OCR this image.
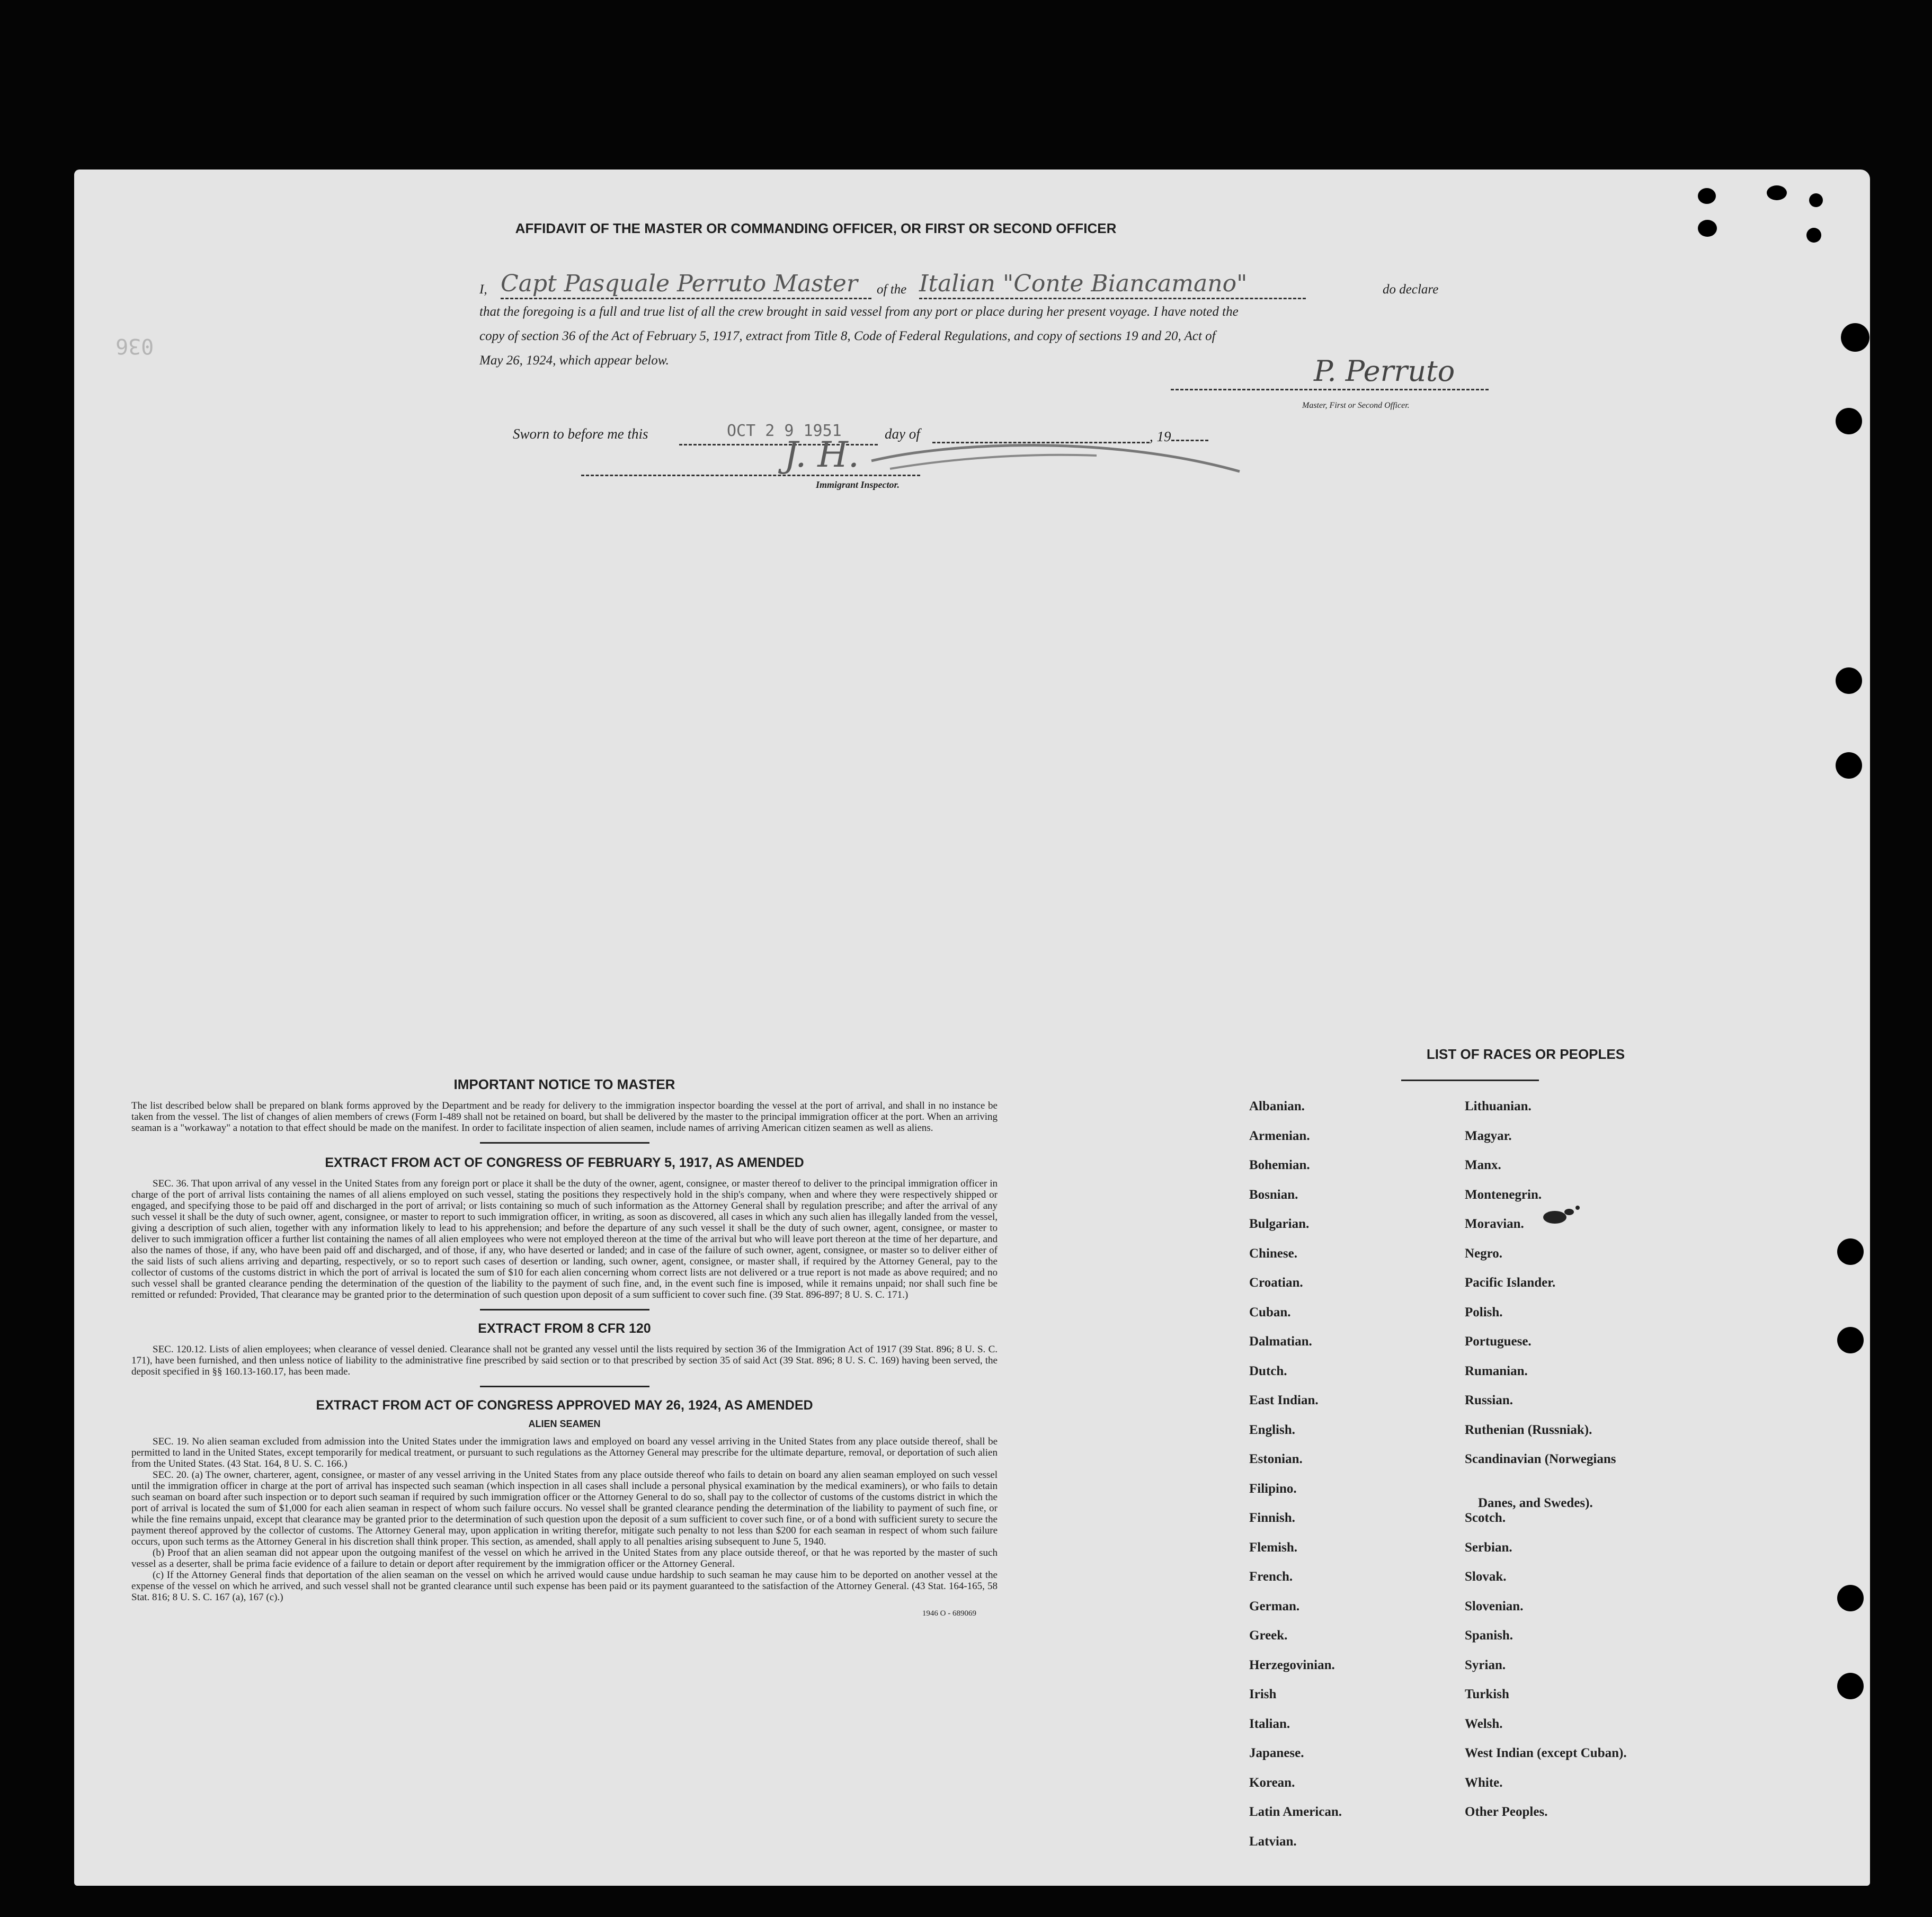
036
AFFIDAVIT OF THE MASTER OR COMMANDING OFFICER, OR FIRST OR SECOND OFFICER
I, Capt Pasquale Perruto Master	of the Italian "Conte Biancamano"	do declare
that the foregoing is a full and true list of all the crew brought in said vessel from any port or place during her present voyage. I have noted the
copy of section 36 of the Act of February 5, 1917, extract from Title 8, Code of Federal Regulations, and copy of sections 19 and 20, Act of
May 26, 1924, which appear below.	P. Perruto
Master, First or Second Officer.
Sworn to before me this	OCT 2 9 1951	day of	, 19
J. H.
Immigrant Inspector.
IMPORTANT NOTICE TO MASTER
The list described below shall be prepared on blank forms approved by the Department and be ready for delivery to the immigration inspector boarding the vessel at the port of arrival, and shall in no instance be taken from the vessel. The list of changes of alien members of crews (Form I-489 shall not be retained on board, but shall be delivered by the master to the principal immigration officer at the port. When an arriving seaman is a "workaway" a notation to that effect should be made on the manifest. In order to facilitate inspection of alien seamen, include names of arriving American citizen seamen as well as aliens.
EXTRACT FROM ACT OF CONGRESS OF FEBRUARY 5, 1917, AS AMENDED
SEC. 36. That upon arrival of any vessel in the United States from any foreign port or place it shall be the duty of the owner, agent, consignee, or master thereof to deliver to the principal immigration officer in charge of the port of arrival lists containing the names of all aliens employed on such vessel, stating the positions they respectively hold in the ship's company, when and where they were respectively shipped or engaged, and specifying those to be paid off and discharged in the port of arrival; or lists containing so much of such information as the Attorney General shall by regulation prescribe; and after the arrival of any such vessel it shall be the duty of such owner, agent, consignee, or master to report to such immigration officer, in writing, as soon as discovered, all cases in which any such alien has illegally landed from the vessel, giving a description of such alien, together with any information likely to lead to his apprehension; and before the departure of any such vessel it shall be the duty of such owner, agent, consignee, or master to deliver to such immigration officer a further list containing the names of all alien employees who were not employed thereon at the time of the arrival but who will leave port thereon at the time of her departure, and also the names of those, if any, who have been paid off and discharged, and of those, if any, who have deserted or landed; and in case of the failure of such owner, agent, consignee, or master so to deliver either of the said lists of such aliens arriving and departing, respectively, or so to report such cases of desertion or landing, such owner, agent, consignee, or master shall, if required by the Attorney General, pay to the collector of customs of the customs district in which the port of arrival is located the sum of $10 for each alien concerning whom correct lists are not delivered or a true report is not made as above required; and no such vessel shall be granted clearance pending the determination of the question of the liability to the payment of such fine, and, in the event such fine is imposed, while it remains unpaid; nor shall such fine be remitted or refunded: Provided, That clearance may be granted prior to the determination of such question upon deposit of a sum sufficient to cover such fine. (39 Stat. 896-897; 8 U. S. C. 171.)
EXTRACT FROM 8 CFR 120
SEC. 120.12. Lists of alien employees; when clearance of vessel denied. Clearance shall not be granted any vessel until the lists required by section 36 of the Immigration Act of 1917 (39 Stat. 896; 8 U. S. C. 171), have been furnished, and then unless notice of liability to the administrative fine prescribed by said section or to that prescribed by section 35 of said Act (39 Stat. 896; 8 U. S. C. 169) having been served, the deposit specified in §§ 160.13-160.17, has been made.
EXTRACT FROM ACT OF CONGRESS APPROVED MAY 26, 1924, AS AMENDED
ALIEN SEAMEN
SEC. 19. No alien seaman excluded from admission into the United States under the immigration laws and employed on board any vessel arriving in the United States from any place outside thereof, shall be permitted to land in the United States, except temporarily for medical treatment, or pursuant to such regulations as the Attorney General may prescribe for the ultimate departure, removal, or deportation of such alien from the United States. (43 Stat. 164, 8 U. S. C. 166.)
SEC. 20. (a) The owner, charterer, agent, consignee, or master of any vessel arriving in the United States from any place outside thereof who fails to detain on board any alien seaman employed on such vessel until the immigration officer in charge at the port of arrival has inspected such seaman (which inspection in all cases shall include a personal physical examination by the medical examiners), or who fails to detain such seaman on board after such inspection or to deport such seaman if required by such immigration officer or the Attorney General to do so, shall pay to the collector of customs of the customs district in which the port of arrival is located the sum of $1,000 for each alien seaman in respect of whom such failure occurs. No vessel shall be granted clearance pending the determination of the liability to payment of such fine, or while the fine remains unpaid, except that clearance may be granted prior to the determination of such question upon the deposit of a sum sufficient to cover such fine, or of a bond with sufficient surety to secure the payment thereof approved by the collector of customs. The Attorney General may, upon application in writing therefor, mitigate such penalty to not less than $200 for each seaman in respect of whom such failure occurs, upon such terms as the Attorney General in his discretion shall think proper. This section, as amended, shall apply to all penalties arising subsequent to June 5, 1940.
(b) Proof that an alien seaman did not appear upon the outgoing manifest of the vessel on which he arrived in the United States from any place outside thereof, or that he was reported by the master of such vessel as a deserter, shall be prima facie evidence of a failure to detain or deport after requirement by the immigration officer or the Attorney General.
(c) If the Attorney General finds that deportation of the alien seaman on the vessel on which he arrived would cause undue hardship to such seaman he may cause him to be deported on another vessel at the expense of the vessel on which he arrived, and such vessel shall not be granted clearance until such expense has been paid or its payment guaranteed to the satisfaction of the Attorney General. (43 Stat. 164-165, 58 Stat. 816; 8 U. S. C. 167 (a), 167 (c).)
1946 O - 689069
LIST OF RACES OR PEOPLES
Albanian.
Armenian.
Bohemian.
Bosnian.
Bulgarian.
Chinese.
Croatian.
Cuban.
Dalmatian.
Dutch.
East Indian.
English.
Estonian.
Filipino.
Finnish.
Flemish.
French.
German.
Greek.
Herzegovinian.
Irish
Italian.
Japanese.
Korean.
Latin American.
Latvian.
Lithuanian.
Magyar.
Manx.
Montenegrin.
Moravian.
Negro.
Pacific Islander.
Polish.
Portuguese.
Rumanian.
Russian.
Ruthenian (Russniak).
Scandinavian (Norwegians
Danes, and Swedes).
Scotch.
Serbian.
Slovak.
Slovenian.
Spanish.
Syrian.
Turkish
Welsh.
West Indian (except Cuban).
White.
Other Peoples.
